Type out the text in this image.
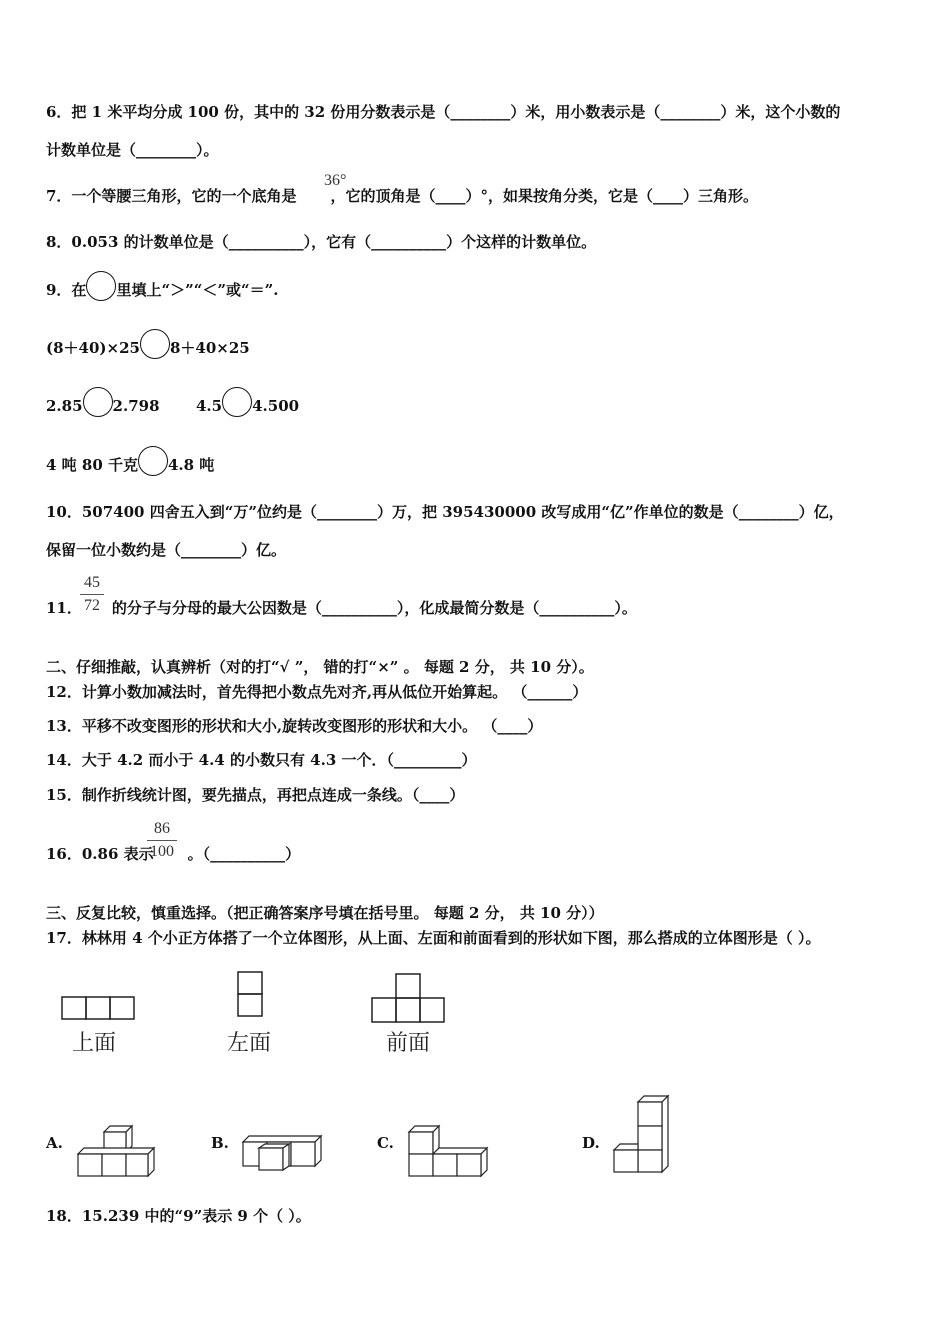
6．把 1 米平均分成 100 份，其中的 32 份用分数表示是（________）米，用小数表示是（________）米，这个小数的
计数单位是（________）。
7．一个等腰三角形，它的一个底角是 ，它的顶角是（____）°，如果按角分类，它是（____）三角形。
36°
8．0.053 的计数单位是（__________），它有（__________）个这样的计数单位。
9．在 里填上“＞”“＜”或“＝”.
(8＋40)×25 8＋40×25
2.85 2.798 4.5 4.500
4 吨 80 千克 4.8 吨
10．507400 四舍五入到“万”位约是（________）万，把 395430000 改写成用“亿”作单位的数是（________）亿，
保留一位小数约是（________）亿。
11． 的分子与分母的最大公因数是（__________），化成最简分数是（__________）。
45
72
二、仔细推敲，认真辨析（对的打“√ ”， 错的打“×” 。 每题 2 分， 共 10 分）。
12．计算小数加减法时，首先得把小数点先对齐,再从低位开始算起。 （______）
13．平移不改变图形的形状和大小,旋转改变图形的形状和大小。 （____）
14．大于 4.2 而小于 4.4 的小数只有 4.3 一个．（_________）
15．制作折线统计图，要先描点，再把点连成一条线。（____）
16．0.86 表示 。（__________）
86
100
三、反复比较，慎重选择。（把正确答案序号填在括号里。 每题 2 分， 共 10 分））
17．林林用 4 个小正方体搭了一个立体图形，从上面、左面和前面看到的形状如下图，那么搭成的立体图形是（ ）。
上面	左面	前面
A.	B.	C.	D.
18．15.239 中的“9”表示 9 个（ ）。
